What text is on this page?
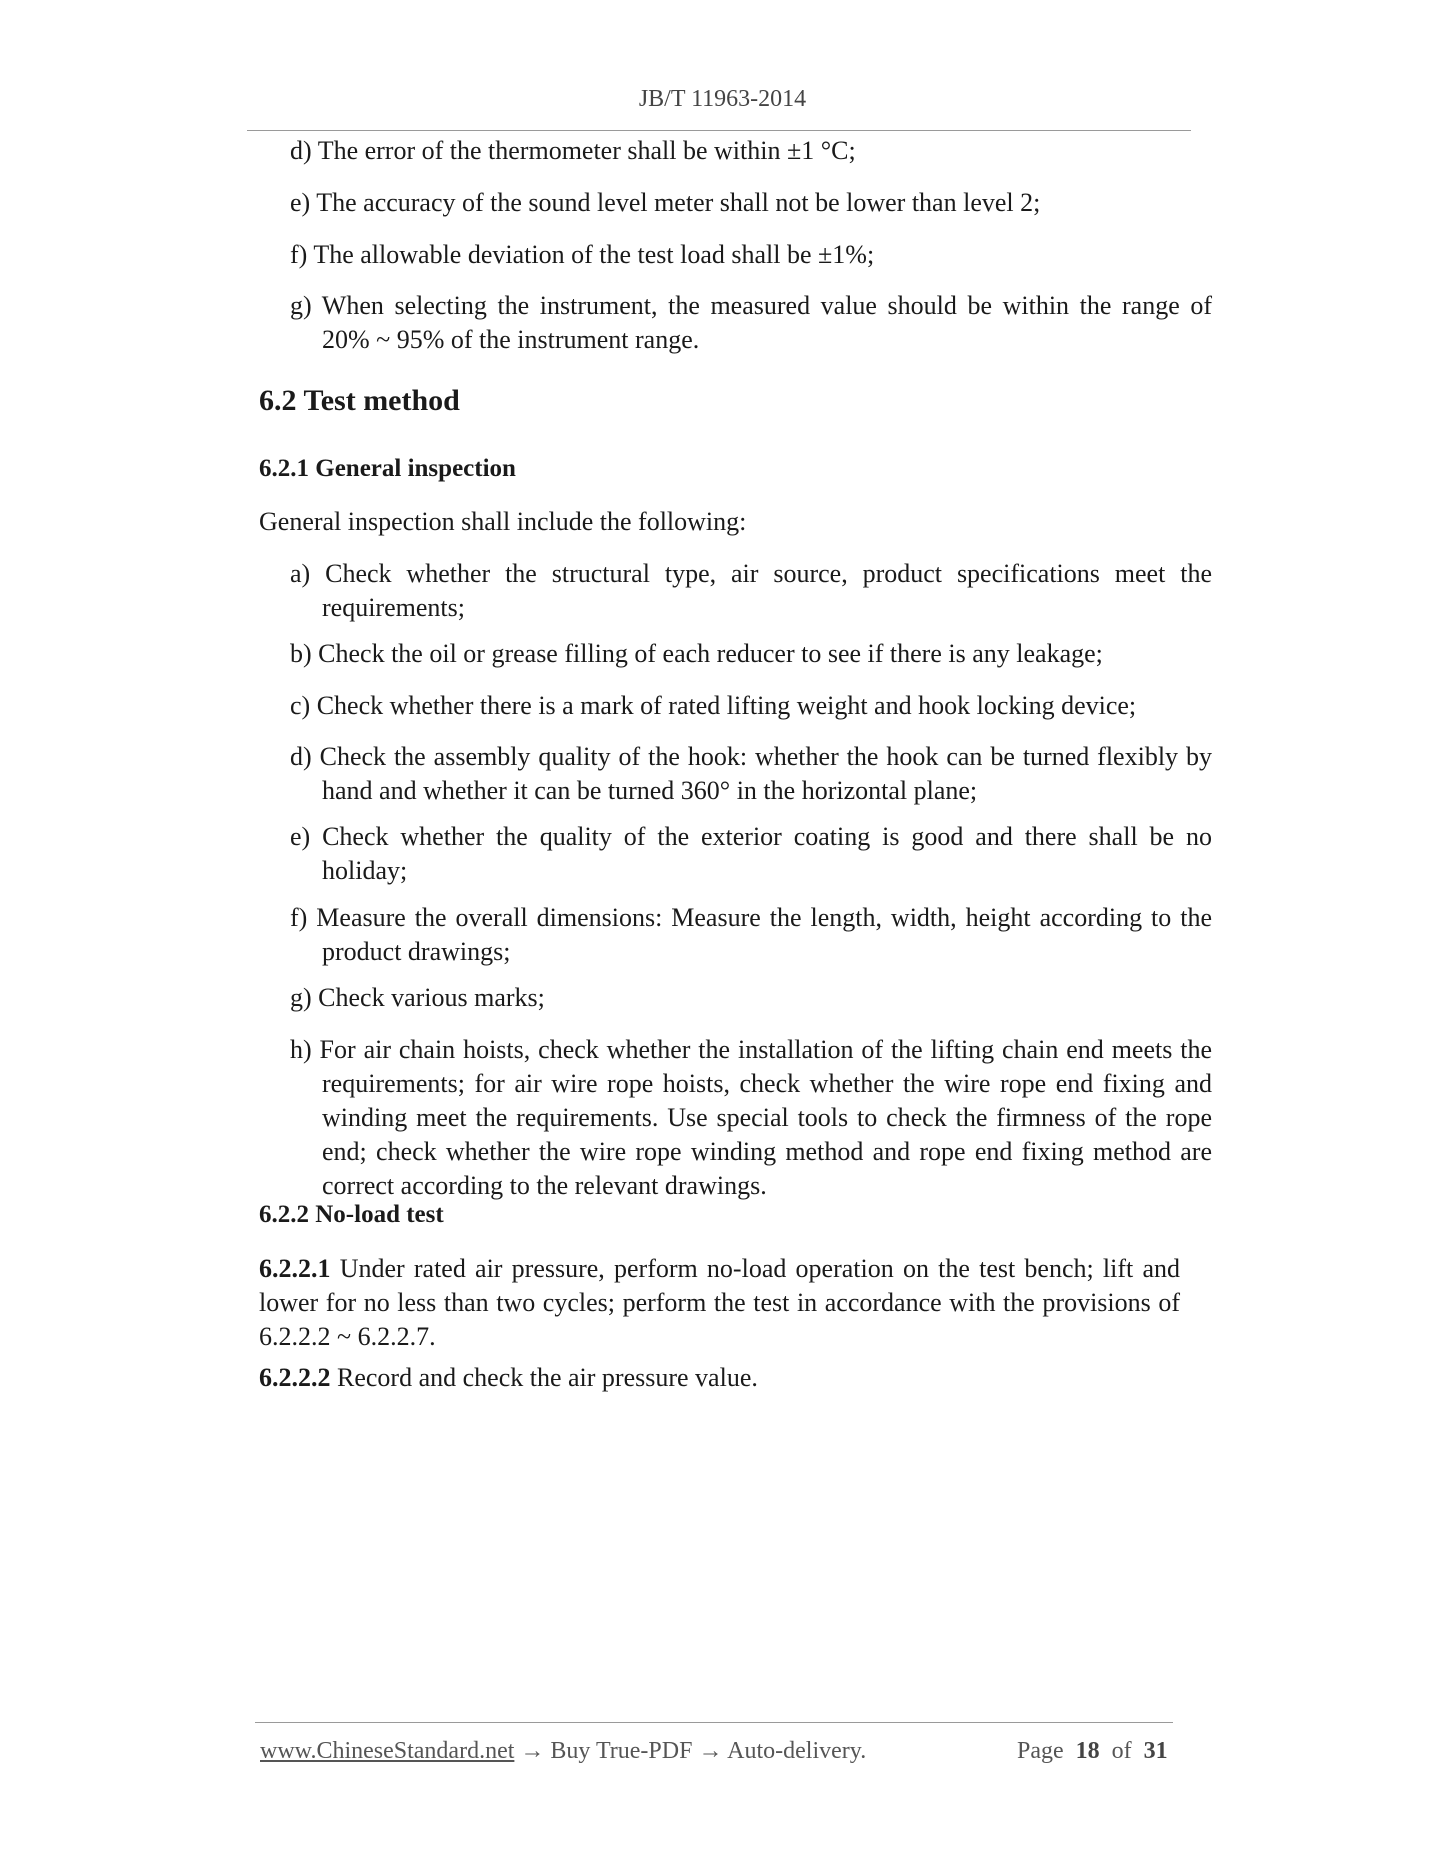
JB/T 11963-2014
d) The error of the thermometer shall be within ±1 °C;
e) The accuracy of the sound level meter shall not be lower than level 2;
f) The allowable deviation of the test load shall be ±1%;
g) When selecting the instrument, the measured value should be within the range of 20% ~ 95% of the instrument range.
6.2 Test method
6.2.1 General inspection
General inspection shall include the following:
a) Check whether the structural type, air source, product specifications meet the requirements;
b) Check the oil or grease filling of each reducer to see if there is any leakage;
c) Check whether there is a mark of rated lifting weight and hook locking device;
d) Check the assembly quality of the hook: whether the hook can be turned flexibly by hand and whether it can be turned 360° in the horizontal plane;
e) Check whether the quality of the exterior coating is good and there shall be no holiday;
f) Measure the overall dimensions: Measure the length, width, height according to the product drawings;
g) Check various marks;
h) For air chain hoists, check whether the installation of the lifting chain end meets the requirements; for air wire rope hoists, check whether the wire rope end fixing and winding meet the requirements. Use special tools to check the firmness of the rope end; check whether the wire rope winding method and rope end fixing method are correct according to the relevant drawings.
6.2.2 No-load test
6.2.2.1 Under rated air pressure, perform no-load operation on the test bench; lift and lower for no less than two cycles; perform the test in accordance with the provisions of 6.2.2.2 ~ 6.2.2.7.
6.2.2.2 Record and check the air pressure value.
www.ChineseStandard.net → Buy True-PDF → Auto-delivery.	Page 18 of 31
